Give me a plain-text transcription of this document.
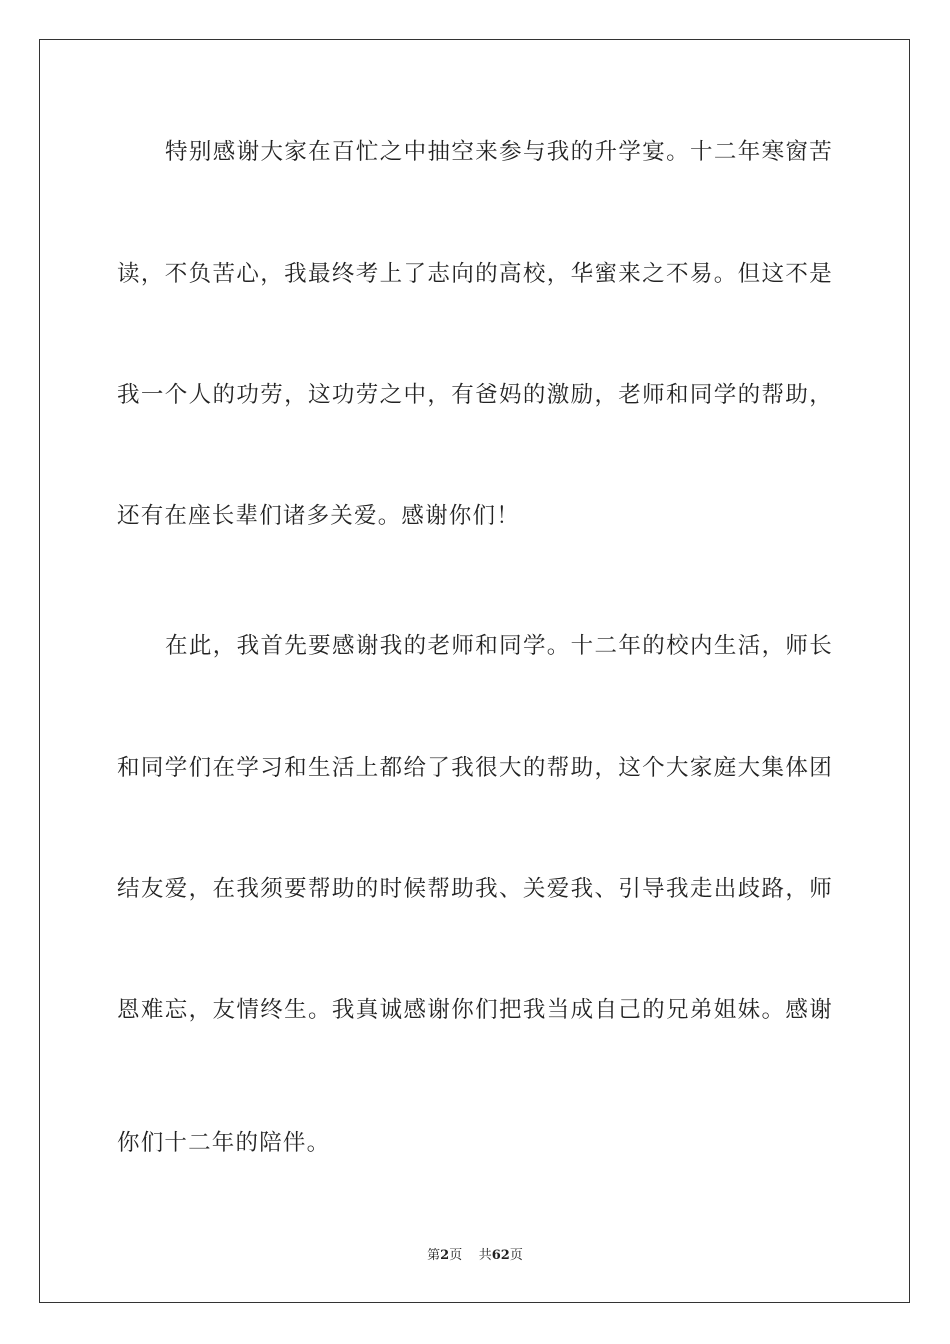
特别感谢大家在百忙之中抽空来参与我的升学宴。十二年寒窗苦
读，不负苦心，我最终考上了志向的高校，华蜜来之不易。但这不是
我一个人的功劳，这功劳之中，有爸妈的激励，老师和同学的帮助，
还有在座长辈们诸多关爱。感谢你们！
在此，我首先要感谢我的老师和同学。十二年的校内生活，师长
和同学们在学习和生活上都给了我很大的帮助，这个大家庭大集体团
结友爱，在我须要帮助的时候帮助我、关爱我、引导我走出歧路，师
恩难忘，友情终生。我真诚感谢你们把我当成自己的兄弟姐妹。感谢
你们十二年的陪伴。
第2页 共62页
